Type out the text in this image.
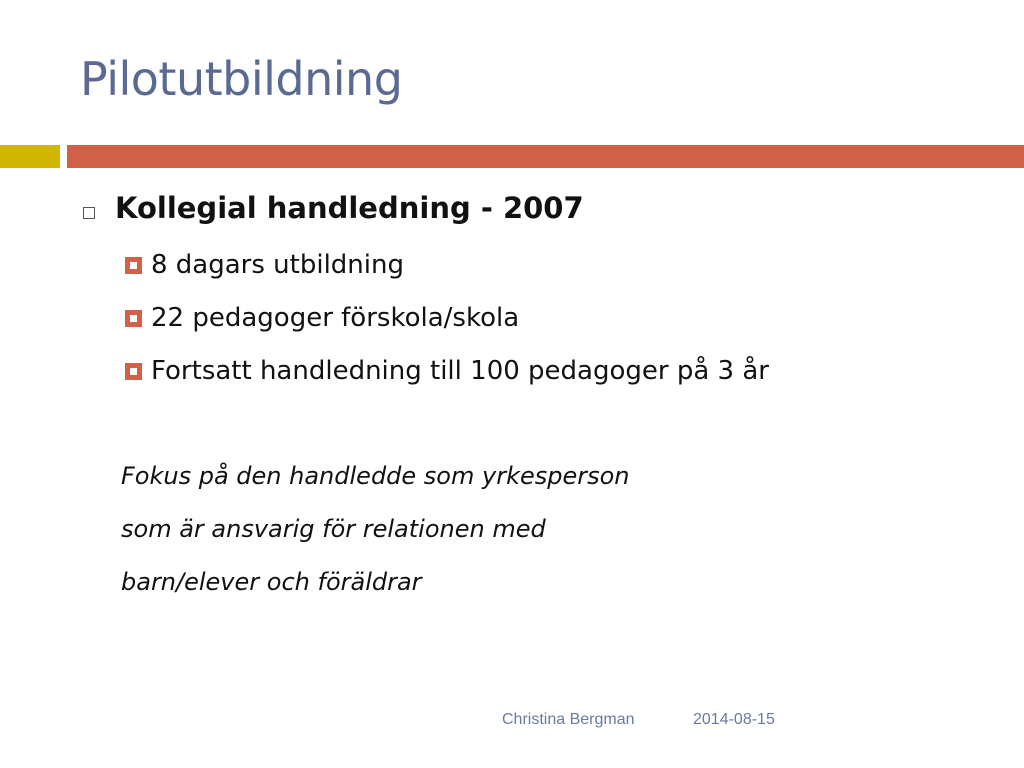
Pilotutbildning
Kollegial handledning - 2007
8 dagars utbildning
22 pedagoger förskola/skola
Fortsatt handledning till 100 pedagoger på 3 år
Fokus på den handledde som yrkesperson
som är ansvarig för relationen med
barn/elever och föräldrar
Christina Bergman	2014-08-15
